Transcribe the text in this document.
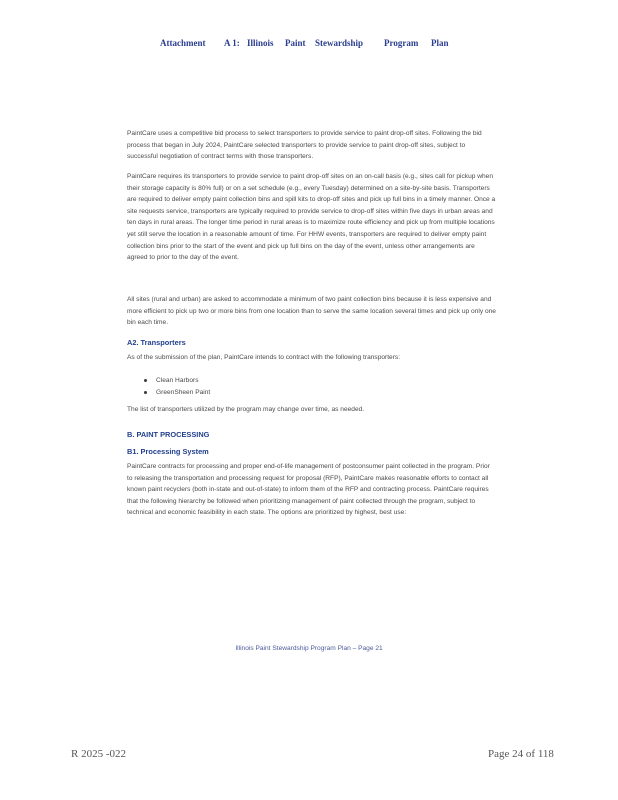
Attachment A 1: Illinois Paint Stewardship Program Plan

PaintCare uses a competitive bid process to select transporters to provide service to paint drop-off sites. Following the bid process that began in July 2024, PaintCare selected transporters to provide service to paint drop-off sites, subject to successful negotiation of contract terms with those transporters.

PaintCare requires its transporters to provide service to paint drop-off sites on an on-call basis (e.g., sites call for pickup when their storage capacity is 80% full) or on a set schedule (e.g., every Tuesday) determined on a site-by-site basis. Transporters are required to deliver empty paint collection bins and spill kits to drop-off sites and pick up full bins in a timely manner. Once a site requests service, transporters are typically required to provide service to drop-off sites within five days in urban areas and ten days in rural areas. The longer time period in rural areas is to maximize route efficiency and pick up from multiple locations yet still serve the location in a reasonable amount of time. For HHW events, transporters are required to deliver empty paint collection bins prior to the start of the event and pick up full bins on the day of the event, unless other arrangements are agreed to prior to the day of the event.

All sites (rural and urban) are asked to accommodate a minimum of two paint collection bins because it is less expensive and more efficient to pick up two or more bins from one location than to serve the same location several times and pick up only one bin each time.

A2. Transporters

As of the submission of the plan, PaintCare intends to contract with the following transporters:

Clean Harbors
GreenSheen Paint

The list of transporters utilized by the program may change over time, as needed.

B. PAINT PROCESSING
B1. Processing System

PaintCare contracts for processing and proper end-of-life management of postconsumer paint collected in the program. Prior to releasing the transportation and processing request for proposal (RFP), PaintCare makes reasonable efforts to contact all known paint recyclers (both in-state and out-of-state) to inform them of the RFP and contracting process. PaintCare requires that the following hierarchy be followed when prioritizing management of paint collected through the program, subject to technical and economic feasibility in each state. The options are prioritized by highest, best use:

Illinois Paint Stewardship Program Plan – Page 21
R 2025 -022	Page 24 of 118
